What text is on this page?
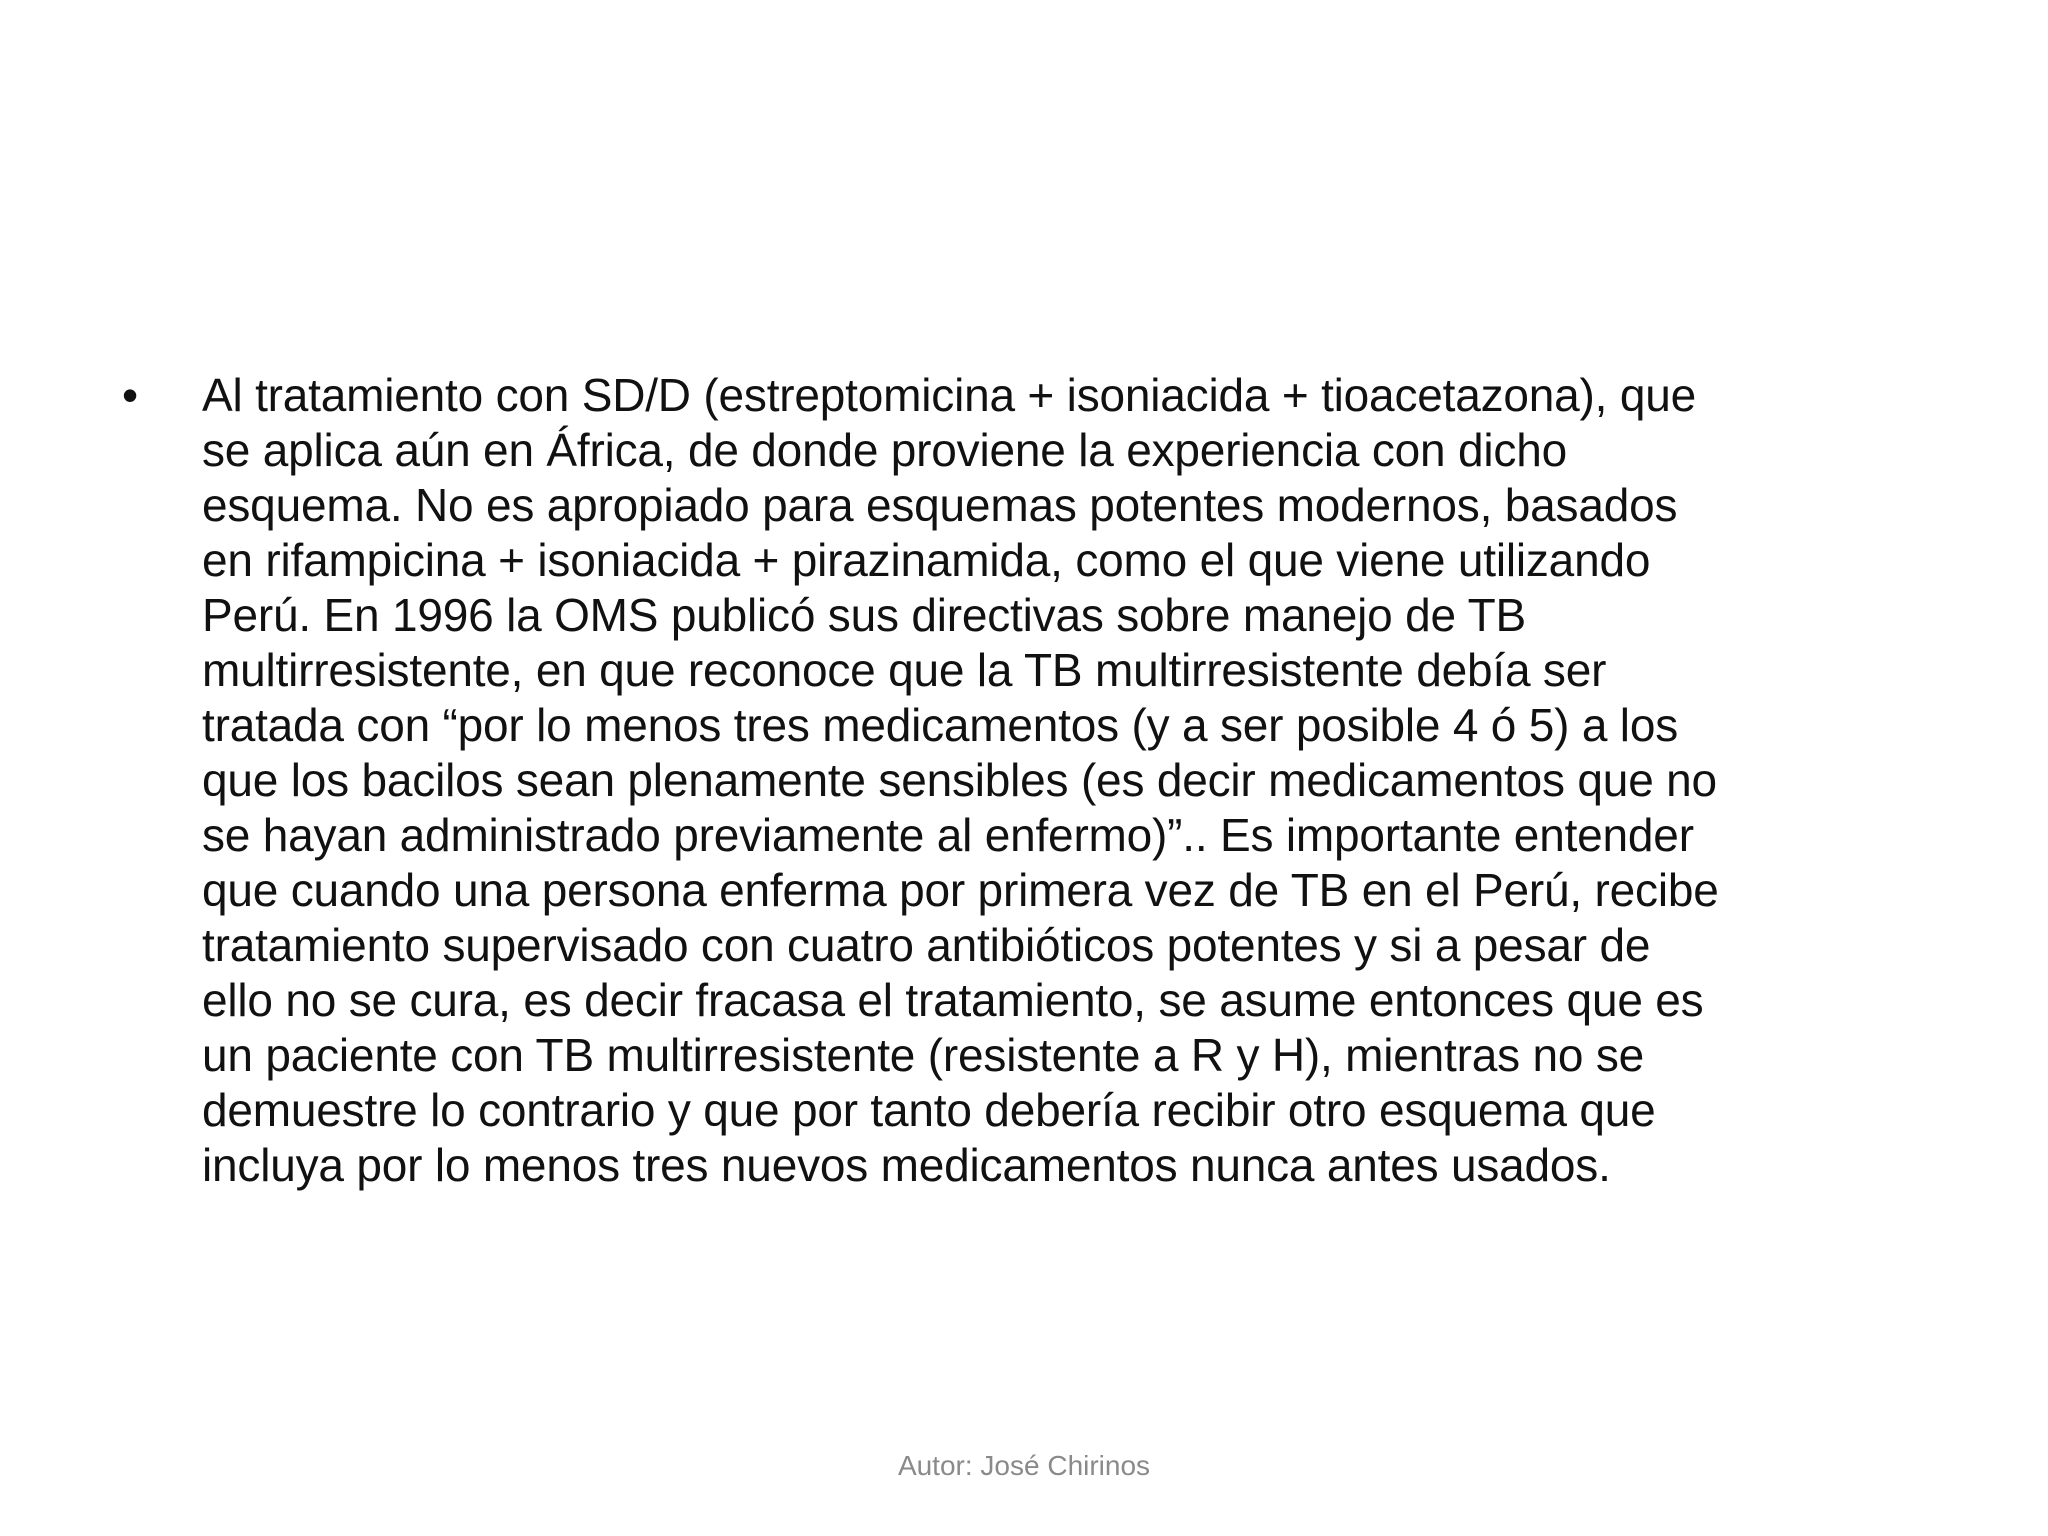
•	Al tratamiento con SD/D (estreptomicina + isoniacida + tioacetazona), que
se aplica aún en África, de donde proviene la experiencia con dicho
esquema. No es apropiado para esquemas potentes modernos, basados
en rifampicina + isoniacida + pirazinamida, como el que viene utilizando
Perú. En 1996 la OMS publicó sus directivas sobre manejo de TB
multirresistente, en que reconoce que la TB multirresistente debía ser
tratada con “por lo menos tres medicamentos (y a ser posible 4 ó 5) a los
que los bacilos sean plenamente sensibles (es decir medicamentos que no
se hayan administrado previamente al enfermo)”.. Es importante entender
que cuando una persona enferma por primera vez de TB en el Perú, recibe
tratamiento supervisado con cuatro antibióticos potentes y si a pesar de
ello no se cura, es decir fracasa el tratamiento, se asume entonces que es
un paciente con TB multirresistente (resistente a R y H), mientras no se
demuestre lo contrario y que por tanto debería recibir otro esquema que
incluya por lo menos tres nuevos medicamentos nunca antes usados.
Autor: José Chirinos
